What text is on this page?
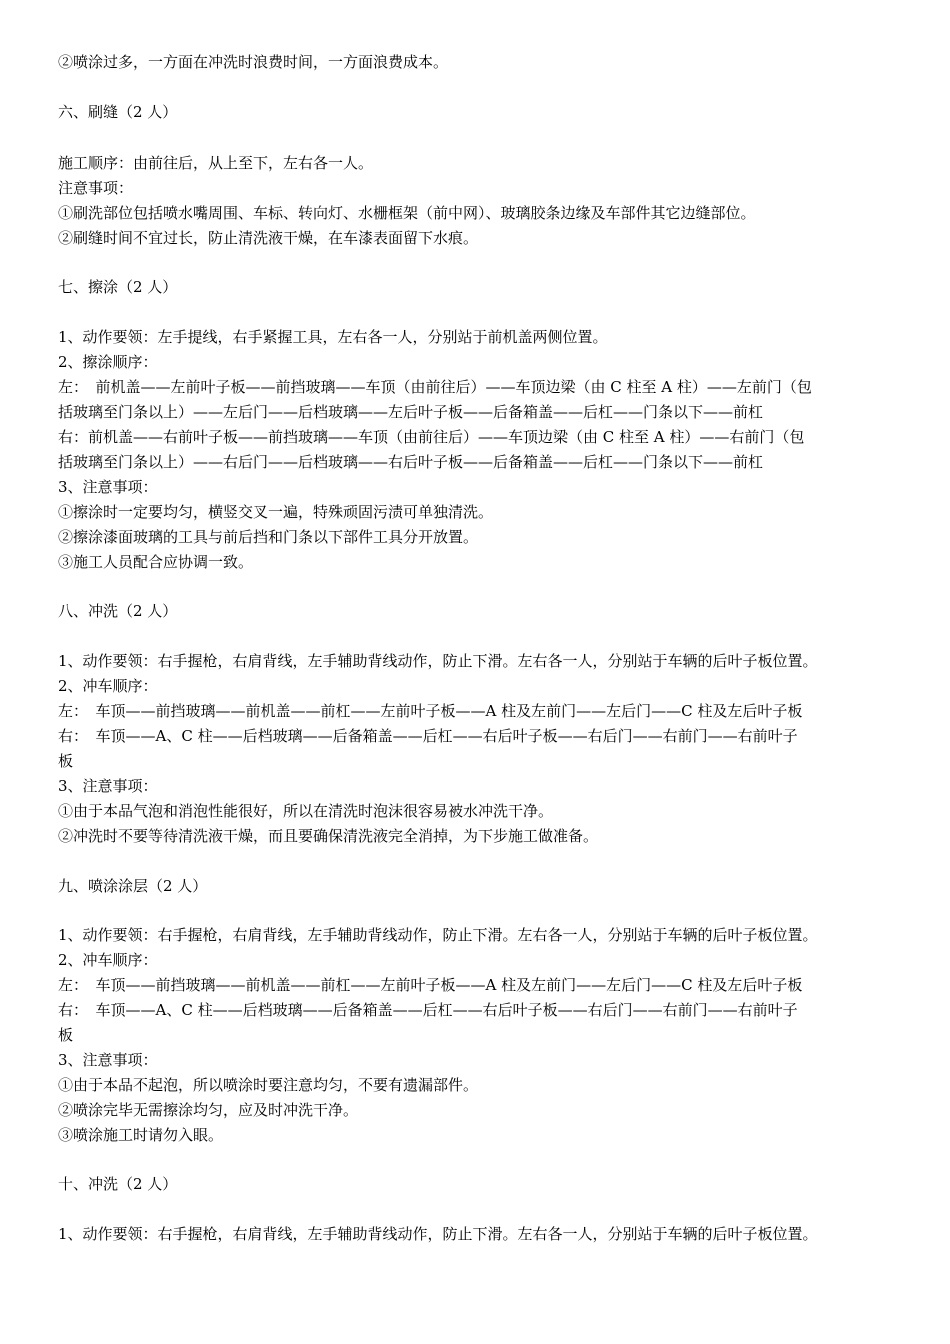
②喷涂过多，一方面在冲洗时浪费时间，一方面浪费成本。
六、刷缝（2 人）
施工顺序：由前往后，从上至下，左右各一人。
注意事项：
①刷洗部位包括喷水嘴周围、车标、转向灯、水栅框架（前中网）、玻璃胶条边缘及车部件其它边缝部位。
②刷缝时间不宜过长，防止清洗液干燥，在车漆表面留下水痕。
七、擦涂（2 人）
1、动作要领：左手提线，右手紧握工具，左右各一人，分别站于前机盖两侧位置。
2、擦涂顺序：
左：　前机盖——左前叶子板——前挡玻璃——车顶（由前往后）——车顶边梁（由 C 柱至 A 柱）——左前门（包
括玻璃至门条以上）——左后门——后档玻璃——左后叶子板——后备箱盖——后杠——门条以下——前杠
右：前机盖——右前叶子板——前挡玻璃——车顶（由前往后）——车顶边梁（由 C 柱至 A 柱）——右前门（包
括玻璃至门条以上）——右后门——后档玻璃——右后叶子板——后备箱盖——后杠——门条以下——前杠
3、注意事项：
①擦涂时一定要均匀，横竖交叉一遍，特殊顽固污渍可单独清洗。
②擦涂漆面玻璃的工具与前后挡和门条以下部件工具分开放置。
③施工人员配合应协调一致。
八、冲洗（2 人）
1、动作要领：右手握枪，右肩背线，左手辅助背线动作，防止下滑。左右各一人，分别站于车辆的后叶子板位置。
2、冲车顺序：
左：　车顶——前挡玻璃——前机盖——前杠——左前叶子板——A 柱及左前门——左后门——C 柱及左后叶子板
右：　车顶——A、C 柱——后档玻璃——后备箱盖——后杠——右后叶子板——右后门——右前门——右前叶子
板
3、注意事项：
①由于本品气泡和消泡性能很好，所以在清洗时泡沫很容易被水冲洗干净。
②冲洗时不要等待清洗液干燥，而且要确保清洗液完全消掉，为下步施工做准备。
九、喷涂涂层（2 人）
1、动作要领：右手握枪，右肩背线，左手辅助背线动作，防止下滑。左右各一人，分别站于车辆的后叶子板位置。
2、冲车顺序：
左：　车顶——前挡玻璃——前机盖——前杠——左前叶子板——A 柱及左前门——左后门——C 柱及左后叶子板
右：　车顶——A、C 柱——后档玻璃——后备箱盖——后杠——右后叶子板——右后门——右前门——右前叶子
板
3、注意事项：
①由于本品不起泡，所以喷涂时要注意均匀，不要有遗漏部件。
②喷涂完毕无需擦涂均匀，应及时冲洗干净。
③喷涂施工时请勿入眼。
十、冲洗（2 人）
1、动作要领：右手握枪，右肩背线，左手辅助背线动作，防止下滑。左右各一人，分别站于车辆的后叶子板位置。
